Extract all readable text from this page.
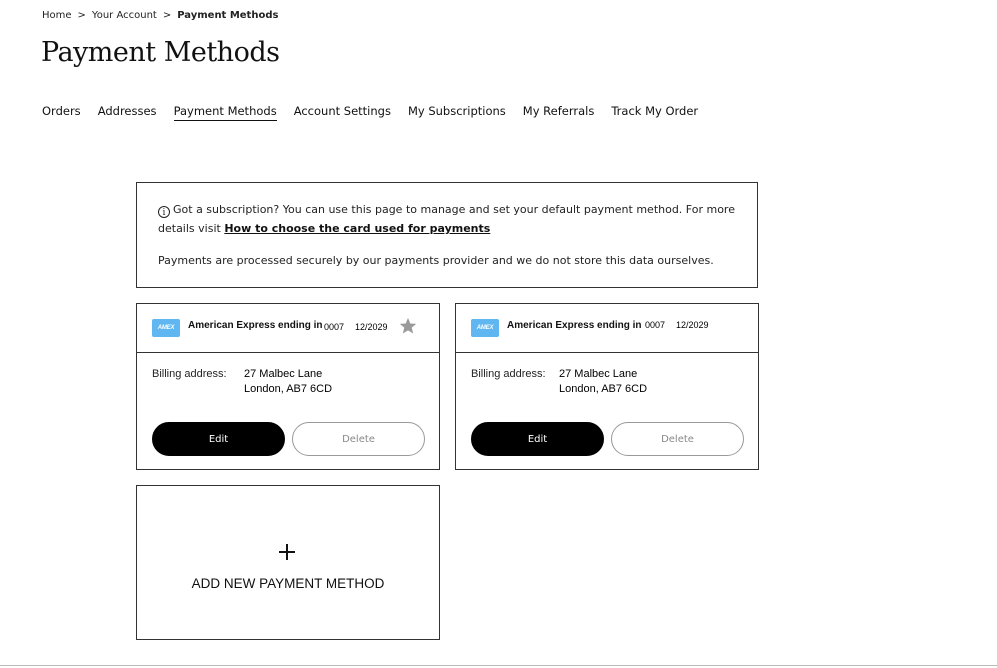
Home > Your Account > Payment Methods
Payment Methods
Orders Addresses Payment Methods Account Settings My Subscriptions My Referrals Track My Order
i Got a subscription? You can use this page to manage and set your default payment method. For more details visit How to choose the card used for payments
Payments are processed securely by our payments provider and we do not store this data ourselves.
AMEX	American Express ending in 0007 12/2029
Billing address: 27 Malbec Lane
London, AB7 6CD
Edit	Delete
AMEX	American Express ending in 0007 12/2029
Billing address: 27 Malbec Lane
London, AB7 6CD
Edit	Delete
ADD NEW PAYMENT METHOD
